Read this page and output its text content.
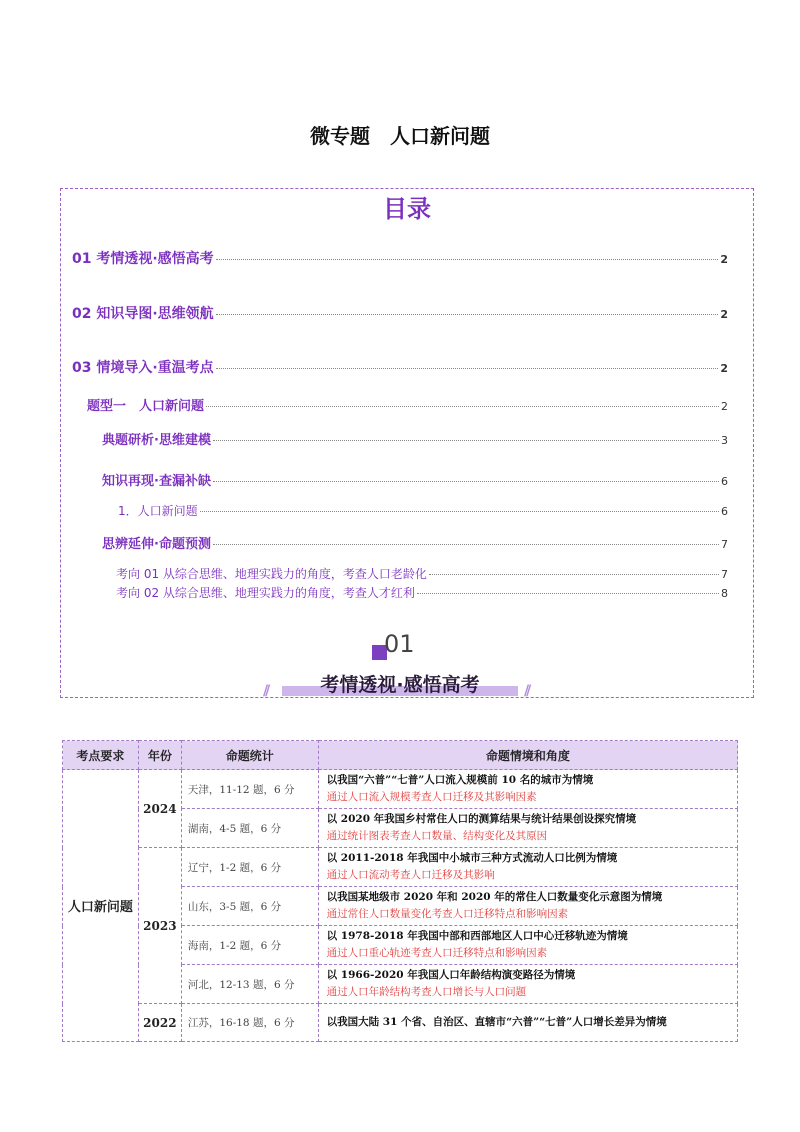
微专题　人口新问题
目录
01 考情透视·感悟高考	2
02 知识导图·思维领航	2
03 情境导入·重温考点	2
题型一　人口新问题	2
典题研析·思维建模	3
知识再现·查漏补缺	6
1．人口新问题	6
思辨延伸·命题预测	7
考向 01 从综合思维、地理实践力的角度，考查人口老龄化	7
考向 02 从综合思维、地理实践力的角度，考查人才红利	8
01
//	考情透视·感悟高考	//
考点要求	年份	命题统计	命题情境和角度
人口新问题	2024	天津，11-12 题，6 分	以我国“六普”“七普”人口流入规模前 10 名的城市为情境
通过人口流入规模考查人口迁移及其影响因素

		湖南，4-5 题，6 分	以 2020 年我国乡村常住人口的测算结果与统计结果创设探究情境
通过统计图表考查人口数量、结构变化及其原因

	2023	辽宁，1-2 题，6 分	以 2011-2018 年我国中小城市三种方式流动人口比例为情境
通过人口流动考查人口迁移及其影响

		山东，3-5 题，6 分	以我国某地级市 2020 年和 2020 年的常住人口数量变化示意图为情境
通过常住人口数量变化考查人口迁移特点和影响因素

		海南，1-2 题，6 分	以 1978-2018 年我国中部和西部地区人口中心迁移轨迹为情境
通过人口重心轨迹考查人口迁移特点和影响因素

		河北，12-13 题，6 分	以 1966-2020 年我国人口年龄结构演变路径为情境
通过人口年龄结构考查人口增长与人口问题

	2022	江苏，16-18 题，6 分	以我国大陆 31 个省、自治区、直辖市“六普”“七普”人口增长差异为情境
